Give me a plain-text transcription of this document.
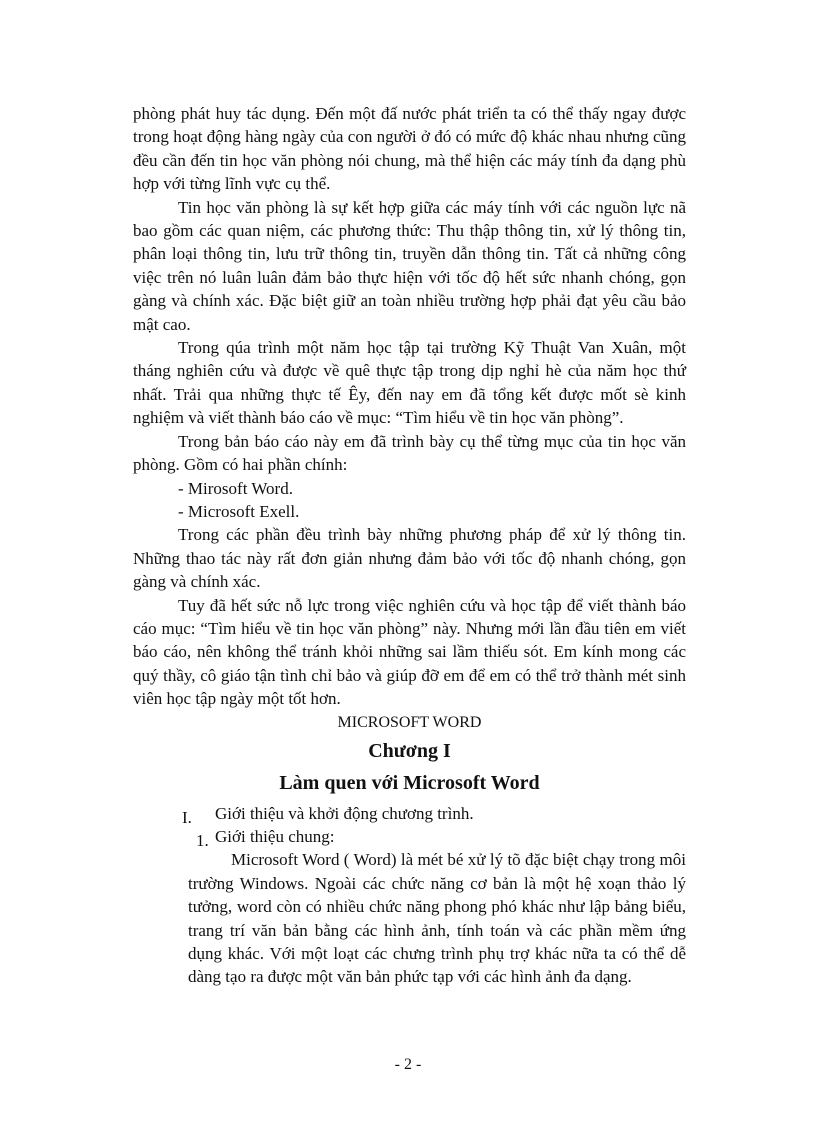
phòng phát huy tác dụng. Đến một đấ nước phát triển ta có thể thấy ngay được trong hoạt động hàng ngày của con người ở đó có mức độ khác nhau nhưng cũng đều cần đến tin học văn phòng nói chung, mà thể hiện các máy tính đa dạng phù hợp với từng lĩnh vực cụ thể.

Tin học văn phòng là sự kết hợp giữa các máy tính với các nguồn lực nã bao gồm các quan niệm, các phương thức: Thu thập thông tin, xử lý thông tin, phân loại thông tin, lưu trữ thông tin, truyền dẫn thông tin. Tất cả những công việc trên nó luân luân đảm bảo thực hiện với tốc độ hết sức nhanh chóng, gọn gàng và chính xác. Đặc biệt giữ an toàn nhiều trường hợp phải đạt yêu cầu bảo mật cao.

Trong qúa trình một năm học tập tại trường Kỹ Thuật Van Xuân, một tháng nghiên cứu và được về quê thực tập trong dịp nghỉ hè của năm học thứ nhất. Trải qua những thực tế Êy, đến nay em đã tổng kết được mốt sè kinh nghiệm và viết thành báo cáo về mục: “Tìm hiểu về tin học văn phòng”.

Trong bản báo cáo này em đã trình bày cụ thể từng mục của tin học văn phòng. Gồm có hai phần chính:

- Mirosoft Word.

- Microsoft Exell.

Trong các phần đều trình bày những phương pháp để xử lý thông tin. Những thao tác này rất đơn giản nhưng đảm bảo với tốc độ nhanh chóng, gọn gàng và chính xác.

Tuy đã hết sức nỗ lực trong việc nghiên cứu và học tập để viết thành báo cáo mục: “Tìm hiểu về tin học văn phòng” này. Nhưng mới lần đầu tiên em viết báo cáo, nên không thể tránh khỏi những sai lầm thiếu sót. Em kính mong các quý thầy, cô giáo tận tình chỉ bảo và giúp đỡ em để em có thể trở thành mét sinh viên học tập ngày một tốt hơn.

MICROSOFT WORD
Chương I
Làm quen với Microsoft Word
I. Giới thiệu và khởi động chương trình.
1. Giới thiệu chung:

Microsoft Word ( Word) là mét bé xử lý tõ đặc biệt chạy trong môi trường Windows. Ngoài các chức năng cơ bản là một hệ xoạn thảo lý tưởng, word còn có nhiều chức năng phong phó khác như lập bảng biểu, trang trí văn bản bằng các hình ảnh, tính toán và các phần mềm ứng dụng khác. Với một loạt các chưng trình phụ trợ khác nữa ta có thể dễ dàng tạo ra được một văn bản phức tạp với các hình ảnh đa dạng.

- 2 -
